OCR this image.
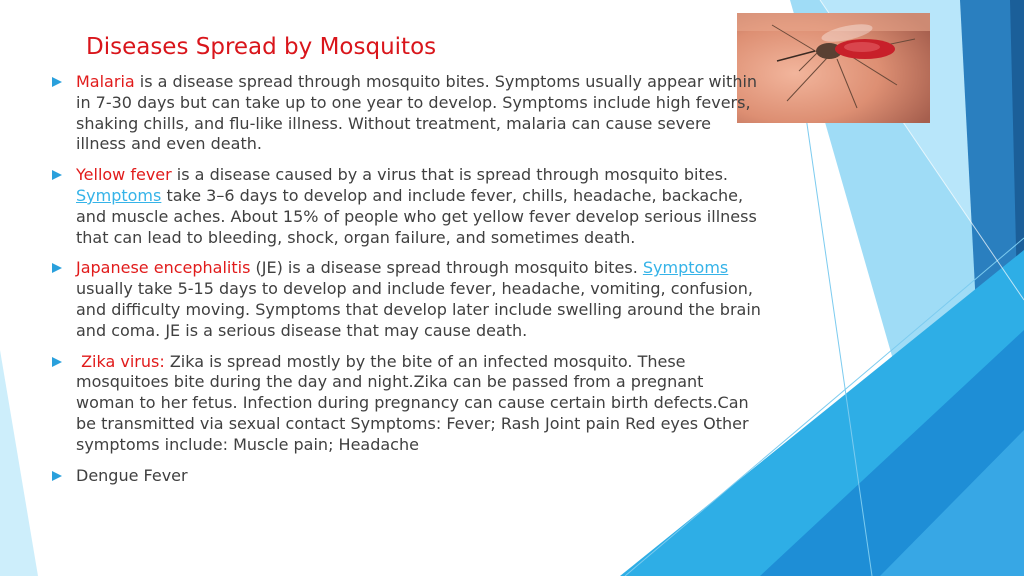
Diseases Spread by Mosquitos
Malaria is a disease spread through mosquito bites. Symptoms usually appear within in 7-30 days but can take up to one year to develop. Symptoms include high fevers, shaking chills, and flu-like illness. Without treatment, malaria can cause severe illness and even death.
Yellow fever is a disease caused by a virus that is spread through mosquito bites. Symptoms take 3–6 days to develop and include fever, chills, headache, backache, and muscle aches. About 15% of people who get yellow fever develop serious illness that can lead to bleeding, shock, organ failure, and sometimes death.
Japanese encephalitis (JE) is a disease spread through mosquito bites. Symptoms usually take 5-15 days to develop and include fever, headache, vomiting, confusion, and difficulty moving. Symptoms that develop later include swelling around the brain and coma. JE is a serious disease that may cause death.
Zika virus: Zika is spread mostly by the bite of an infected mosquito. These mosquitoes bite during the day and night.Zika can be passed from a pregnant woman to her fetus. Infection during pregnancy can cause certain birth defects.Can be transmitted via sexual contact Symptoms: Fever; Rash Joint pain Red eyes Other symptoms include: Muscle pain; Headache
Dengue Fever
